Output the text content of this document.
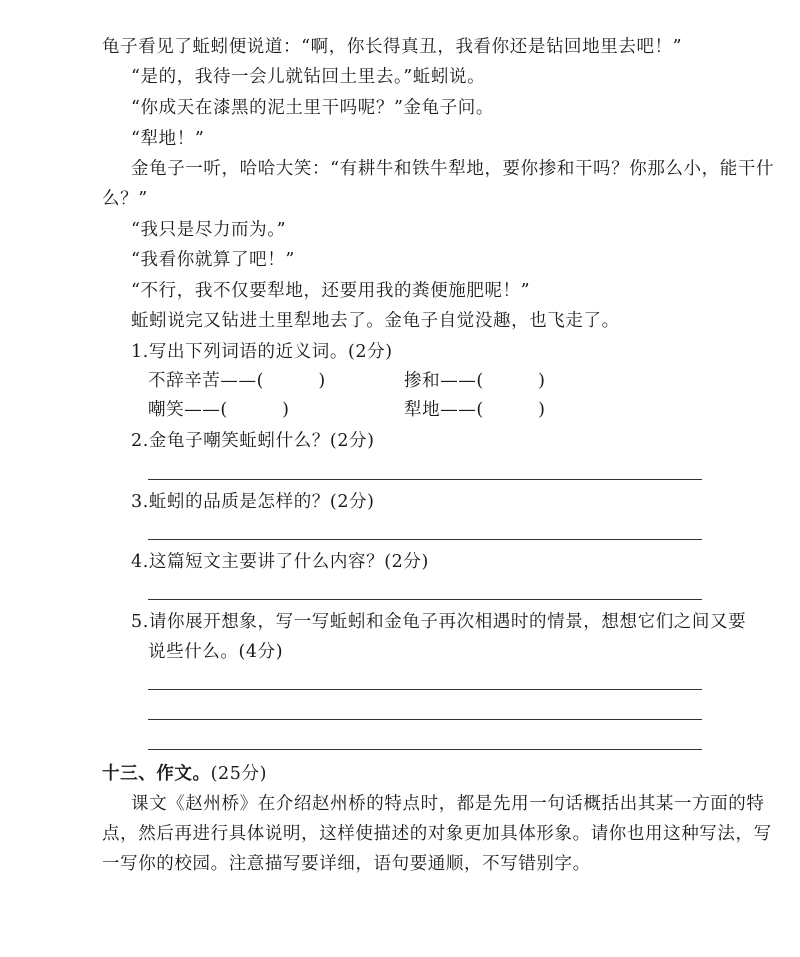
龟子看见了蚯蚓便说道：“啊，你长得真丑，我看你还是钻回地里去吧！”
“是的，我待一会儿就钻回土里去。”蚯蚓说。
“你成天在漆黑的泥土里干吗呢？”金龟子问。
“犁地！”
金龟子一听，哈哈大笑：“有耕牛和铁牛犁地，要你掺和干吗？你那么小，能干什
么？”
“我只是尽力而为。”
“我看你就算了吧！”
“不行，我不仅要犁地，还要用我的粪便施肥呢！”
蚯蚓说完又钻进土里犁地去了。金龟子自觉没趣，也飞走了。
1.写出下列词语的近义词。(2分)
不辞辛苦——(　　　)	掺和——(　　　)
嘲笑——(　　　)	犁地——(　　　)
2.金龟子嘲笑蚯蚓什么？(2分)
3.蚯蚓的品质是怎样的？(2分)
4.这篇短文主要讲了什么内容？(2分)
5.请你展开想象，写一写蚯蚓和金龟子再次相遇时的情景，想想它们之间又要
说些什么。(4分)
十三、作文。(25分)
课文《赵州桥》在介绍赵州桥的特点时，都是先用一句话概括出其某一方面的特
点，然后再进行具体说明，这样使描述的对象更加具体形象。请你也用这种写法，写
一写你的校园。注意描写要详细，语句要通顺，不写错别字。
